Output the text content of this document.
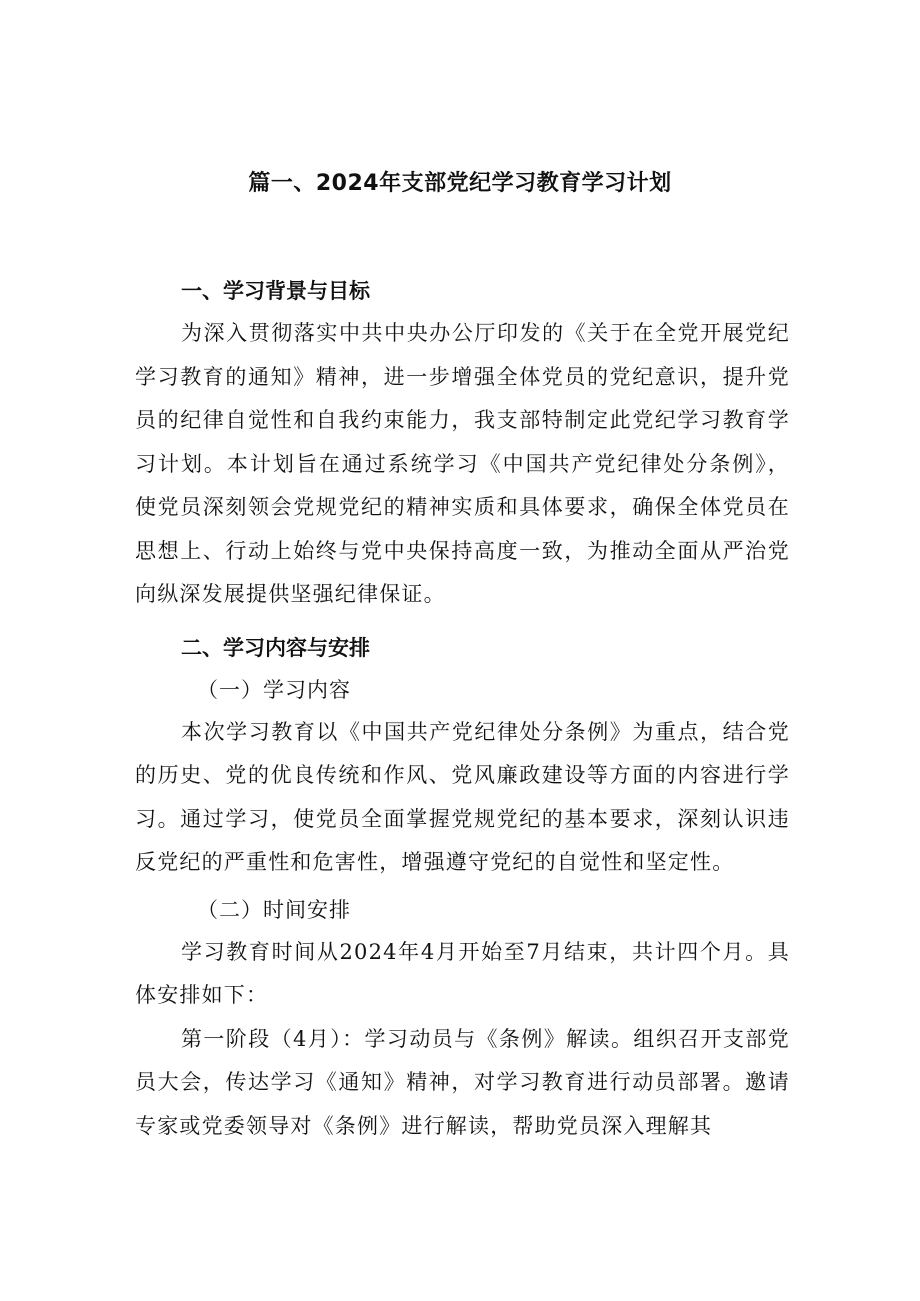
篇一、2024年支部党纪学习教育学习计划
一、学习背景与目标

为深入贯彻落实中共中央办公厅印发的《关于在全党开展党纪学习教育的通知》精神，进一步增强全体党员的党纪意识，提升党员的纪律自觉性和自我约束能力，我支部特制定此党纪学习教育学习计划。本计划旨在通过系统学习《中国共产党纪律处分条例》，使党员深刻领会党规党纪的精神实质和具体要求，确保全体党员在思想上、行动上始终与党中央保持高度一致，为推动全面从严治党向纵深发展提供坚强纪律保证。

二、学习内容与安排

（一）学习内容

本次学习教育以《中国共产党纪律处分条例》为重点，结合党的历史、党的优良传统和作风、党风廉政建设等方面的内容进行学习。通过学习，使党员全面掌握党规党纪的基本要求，深刻认识违反党纪的严重性和危害性，增强遵守党纪的自觉性和坚定性。

（二）时间安排

学习教育时间从2024年4月开始至7月结束，共计四个月。具体安排如下：

第一阶段（4月）：学习动员与《条例》解读。组织召开支部党员大会，传达学习《通知》精神，对学习教育进行动员部署。邀请专家或党委领导对《条例》进行解读，帮助党员深入理解其
